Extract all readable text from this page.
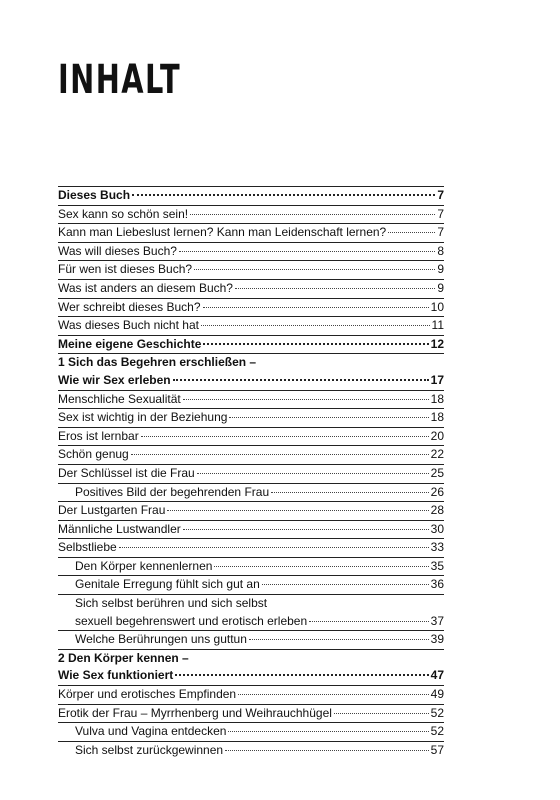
INHALT
Dieses Buch	7
Sex kann so schön sein!	7
Kann man Liebeslust lernen? Kann man Leidenschaft lernen?	7
Was will dieses Buch?	8
Für wen ist dieses Buch?	9
Was ist anders an diesem Buch?	9
Wer schreibt dieses Buch?	10
Was dieses Buch nicht hat	11
Meine eigene Geschichte	12
1 Sich das Begehren erschließen –
Wie wir Sex erleben	17
Menschliche Sexualität	18
Sex ist wichtig in der Beziehung	18
Eros ist lernbar	20
Schön genug	22
Der Schlüssel ist die Frau	25
Positives Bild der begehrenden Frau	26
Der Lustgarten Frau	28
Männliche Lustwandler	30
Selbstliebe	33
Den Körper kennenlernen	35
Genitale Erregung fühlt sich gut an	36
Sich selbst berühren und sich selbst
sexuell begehrenswert und erotisch erleben	37
Welche Berührungen uns guttun	39
2 Den Körper kennen –
Wie Sex funktioniert	47
Körper und erotisches Empfinden	49
Erotik der Frau – Myrrhenberg und Weihrauchhügel	52
Vulva und Vagina entdecken	52
Sich selbst zurückgewinnen	57
